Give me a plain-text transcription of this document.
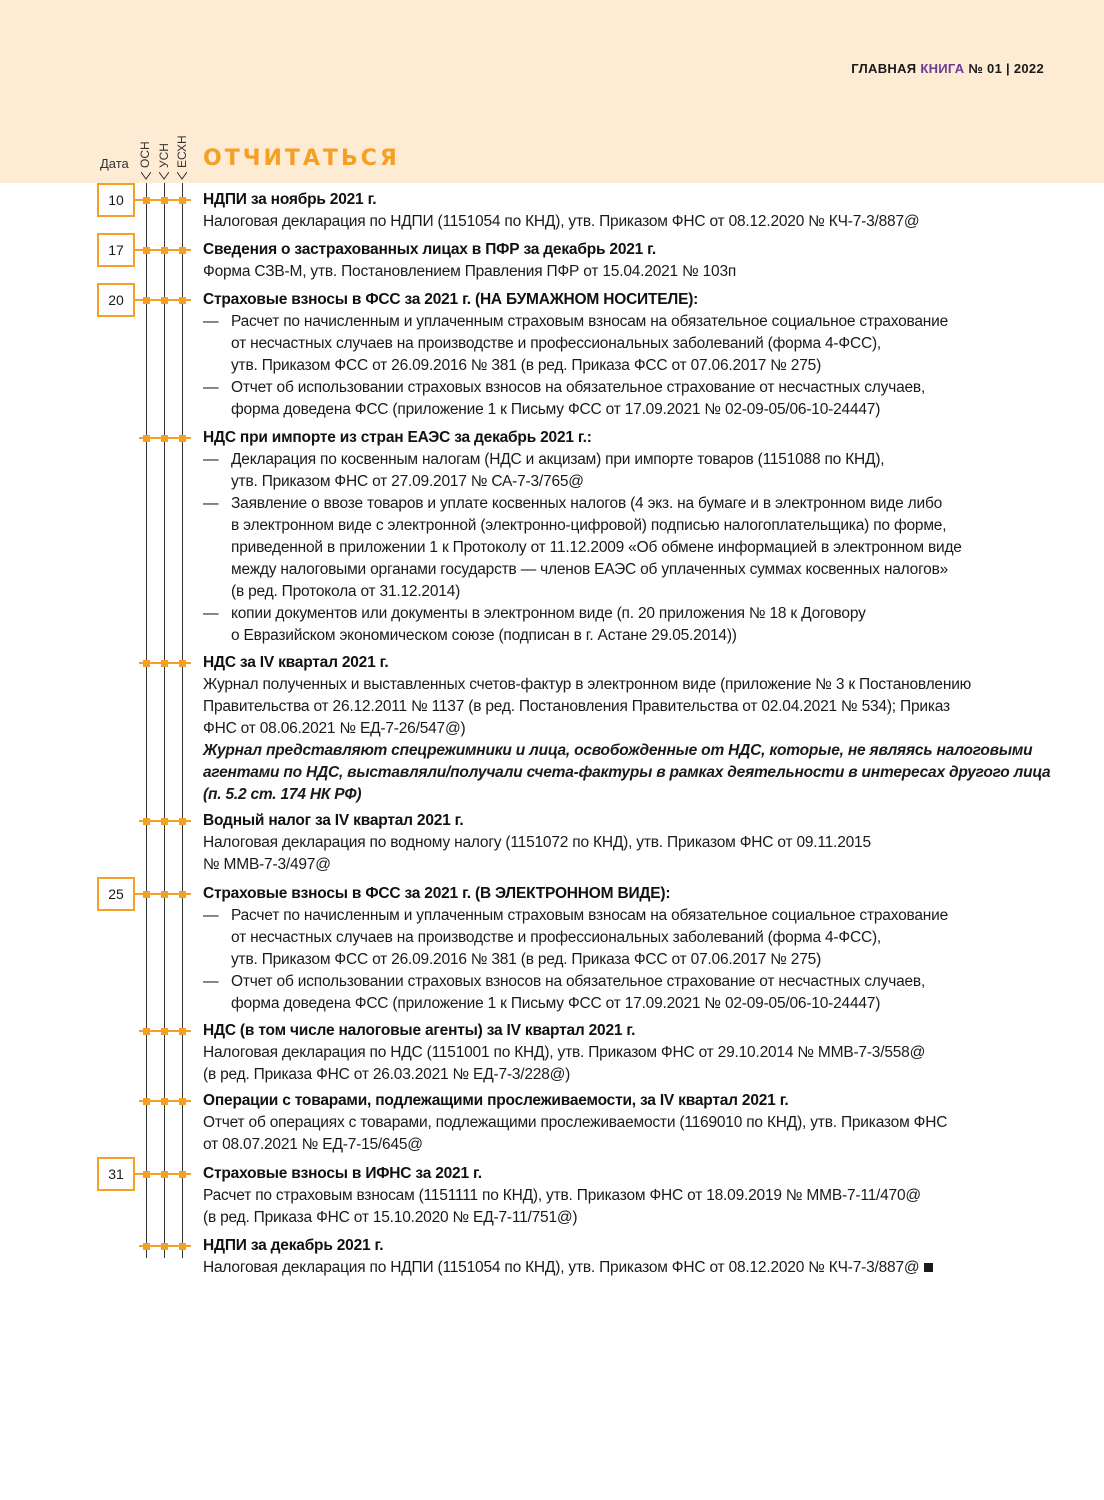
ГЛАВНАЯ КНИГА № 01 | 2022
Дата ОСН УСН ЕСХН ОТЧИТАТЬСЯ
10	НДПИ за ноябрь 2021 г.
Налоговая декларация по НДПИ (1151054 по КНД), утв. Приказом ФНС от 08.12.2020 № КЧ-7-3/887@
17	Сведения о застрахованных лицах в ПФР за декабрь 2021 г.
Форма СЗВ-М, утв. Постановлением Правления ПФР от 15.04.2021 № 103п
20	Страховые взносы в ФСС за 2021 г. (НА БУМАЖНОМ НОСИТЕЛЕ):
— Расчет по начисленным и уплаченным страховым взносам на обязательное социальное страхование
от несчастных случаев на производстве и профессиональных заболеваний (форма 4-ФСС),
утв. Приказом ФСС от 26.09.2016 № 381 (в ред. Приказа ФСС от 07.06.2017 № 275)
— Отчет об использовании страховых взносов на обязательное страхование от несчастных случаев,
форма доведена ФСС (приложение 1 к Письму ФСС от 17.09.2021 № 02-09-05/06-10-24447)
НДС при импорте из стран ЕАЭС за декабрь 2021 г.:
— Декларация по косвенным налогам (НДС и акцизам) при импорте товаров (1151088 по КНД),
утв. Приказом ФНС от 27.09.2017 № СА-7-3/765@
— Заявление о ввозе товаров и уплате косвенных налогов (4 экз. на бумаге и в электронном виде либо
в электронном виде с электронной (электронно-цифровой) подписью налогоплательщика) по форме,
приведенной в приложении 1 к Протоколу от 11.12.2009 «Об обмене информацией в электронном виде
между налоговыми органами государств — членов ЕАЭС об уплаченных суммах косвенных налогов»
(в ред. Протокола от 31.12.2014)
— копии документов или документы в электронном виде (п. 20 приложения № 18 к Договору
о Евразийском экономическом союзе (подписан в г. Астане 29.05.2014))
НДС за IV квартал 2021 г.
Журнал полученных и выставленных счетов-фактур в электронном виде (приложение № 3 к Постановлению
Правительства от 26.12.2011 № 1137 (в ред. Постановления Правительства от 02.04.2021 № 534); Приказ
ФНС от 08.06.2021 № ЕД-7-26/547@)
Журнал представляют спецрежимники и лица, освобожденные от НДС, которые, не являясь налоговыми
агентами по НДС, выставляли/получали счета-фактуры в рамках деятельности в интересах другого лица
(п. 5.2 ст. 174 НК РФ)
Водный налог за IV квартал 2021 г.
Налоговая декларация по водному налогу (1151072 по КНД), утв. Приказом ФНС от 09.11.2015
№ ММВ-7-3/497@
25	Страховые взносы в ФСС за 2021 г. (В ЭЛЕКТРОННОМ ВИДЕ):
— Расчет по начисленным и уплаченным страховым взносам на обязательное социальное страхование
от несчастных случаев на производстве и профессиональных заболеваний (форма 4-ФСС),
утв. Приказом ФСС от 26.09.2016 № 381 (в ред. Приказа ФСС от 07.06.2017 № 275)
— Отчет об использовании страховых взносов на обязательное страхование от несчастных случаев,
форма доведена ФСС (приложение 1 к Письму ФСС от 17.09.2021 № 02-09-05/06-10-24447)
НДС (в том числе налоговые агенты) за IV квартал 2021 г.
Налоговая декларация по НДС (1151001 по КНД), утв. Приказом ФНС от 29.10.2014 № ММВ-7-3/558@
(в ред. Приказа ФНС от 26.03.2021 № ЕД-7-3/228@)
Операции с товарами, подлежащими прослеживаемости, за IV квартал 2021 г.
Отчет об операциях с товарами, подлежащими прослеживаемости (1169010 по КНД), утв. Приказом ФНС
от 08.07.2021 № ЕД-7-15/645@
31	Страховые взносы в ИФНС за 2021 г.
Расчет по страховым взносам (1151111 по КНД), утв. Приказом ФНС от 18.09.2019 № ММВ-7-11/470@
(в ред. Приказа ФНС от 15.10.2020 № ЕД-7-11/751@)
НДПИ за декабрь 2021 г.
Налоговая декларация по НДПИ (1151054 по КНД), утв. Приказом ФНС от 08.12.2020 № КЧ-7-3/887@
